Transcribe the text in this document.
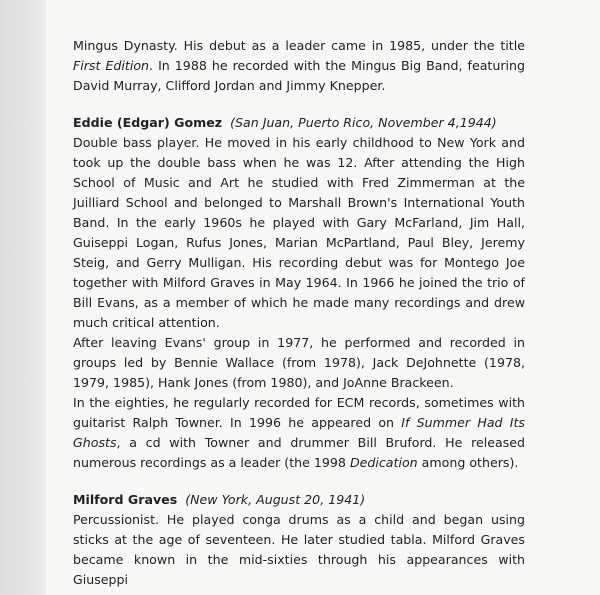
Mingus Dynasty. His debut as a leader came in 1985, under the title First Edition. In 1988 he recorded with the Mingus Big Band, featuring David Murray, Clifford Jordan and Jimmy Knepper.

Eddie (Edgar) Gomez (San Juan, Puerto Rico, November 4,1944)

Double bass player. He moved in his early childhood to New York and took up the double bass when he was 12. After attending the High School of Music and Art he studied with Fred Zimmerman at the Juilliard School and belonged to Marshall Brown's International Youth Band. In the early 1960s he played with Gary McFarland, Jim Hall, Guiseppi Logan, Rufus Jones, Marian McPartland, Paul Bley, Jeremy Steig, and Gerry Mulligan. His recording debut was for Montego Joe together with Milford Graves in May 1964. In 1966 he joined the trio of Bill Evans, as a member of which he made many recordings and drew much critical attention.

After leaving Evans' group in 1977, he performed and recorded in groups led by Bennie Wallace (from 1978), Jack DeJohnette (1978, 1979, 1985), Hank Jones (from 1980), and JoAnne Brackeen.

In the eighties, he regularly recorded for ECM records, sometimes with guitarist Ralph Towner. In 1996 he appeared on If Summer Had Its Ghosts, a cd with Towner and drummer Bill Bruford. He released numerous recordings as a leader (the 1998 Dedication among others).

Milford Graves (New York, August 20, 1941)

Percussionist. He played conga drums as a child and began using sticks at the age of seventeen. He later studied tabla. Milford Graves became known in the mid-sixties through his appearances with Giuseppi
